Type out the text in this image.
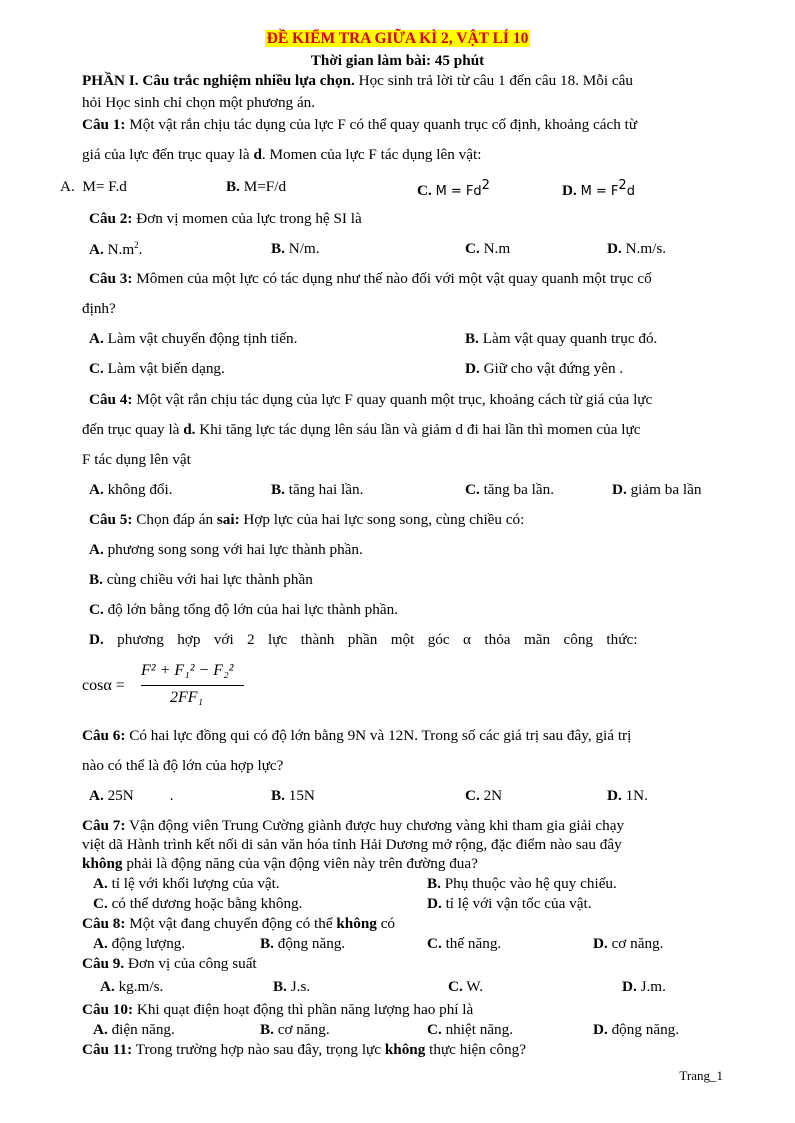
ĐỀ KIỂM TRA GIỮA KÌ 2, VẬT LÍ 10
Thời gian làm bài: 45 phút
PHẦN I. Câu trắc nghiệm nhiều lựa chọn. Học sinh trả lời từ câu 1 đến câu 18. Mỗi câu
hỏi Học sinh chỉ chọn một phương án.
Câu 1: Một vật rắn chịu tác dụng của lực F có thể quay quanh trục cố định, khoảng cách từ
giá của lực đến trục quay là d. Momen của lực F tác dụng lên vật:
A. M= F.d	B. M=F/d	C. $M = Fd^2$	D. $M = F^2d$
Câu 2: Đơn vị momen của lực trong hệ SI là
A. $N.m^2$.	B. N/m.	C. N.m	D. N.m/s.
Câu 3: Mômen của một lực có tác dụng như thế nào đối với một vật quay quanh một trục cố
định?
A. Làm vật chuyển động tịnh tiến.	B. Làm vật quay quanh trục đó.
C. Làm vật biến dạng.	D. Giữ cho vật đứng yên .
Câu 4: Một vật rắn chịu tác dụng của lực F quay quanh một trục, khoảng cách từ giá của lực
đến trục quay là d. Khi tăng lực tác dụng lên sáu lần và giảm d đi hai lần thì momen của lực
F tác dụng lên vật
A. không đổi.	B. tăng hai lần.	C. tăng ba lần.	D. giảm ba lần
Câu 5: Chọn đáp án sai: Hợp lực của hai lực song song, cùng chiều có:
A. phương song song với hai lực thành phần.
B. cùng chiều với hai lực thành phần
C. độ lớn bằng tổng độ lớn của hai lực thành phần.
D. phương hợp với 2 lực thành phần một góc α thỏa mãn công thức:
cosα =
F² + F₁² − F₂²
2FF₁
Câu 6: Có hai lực đồng qui có độ lớn bằng 9N và 12N. Trong số các giá trị sau đây, giá trị
nào có thể là độ lớn của hợp lực?
A. 25N .	B. 15N	C. 2N	D. 1N.
Câu 7: Vận động viên Trung Cường giành được huy chương vàng khi tham gia giải chạy
việt dã Hành trình kết nối di sản văn hóa tỉnh Hải Dương mở rộng, đặc điểm nào sau đây
không phải là động năng của vận động viên này trên đường đua?
A. tỉ lệ với khối lượng của vật.	B. Phụ thuộc vào hệ quy chiếu.
C. có thể dương hoặc bằng không.	D. tỉ lệ với vận tốc của vật.
Câu 8: Một vật đang chuyển động có thể không có
A. động lượng.	B. động năng.	C. thế năng.	D. cơ năng.
Câu 9. Đơn vị của công suất
A. kg.m/s.	B. J.s.	C. W.	D. J.m.
Câu 10: Khi quạt điện hoạt động thì phần năng lượng hao phí là
A. điện năng.	B. cơ năng.	C. nhiệt năng.	D. động năng.
Câu 11: Trong trường hợp nào sau đây, trọng lực không thực hiện công?
Trang_1
